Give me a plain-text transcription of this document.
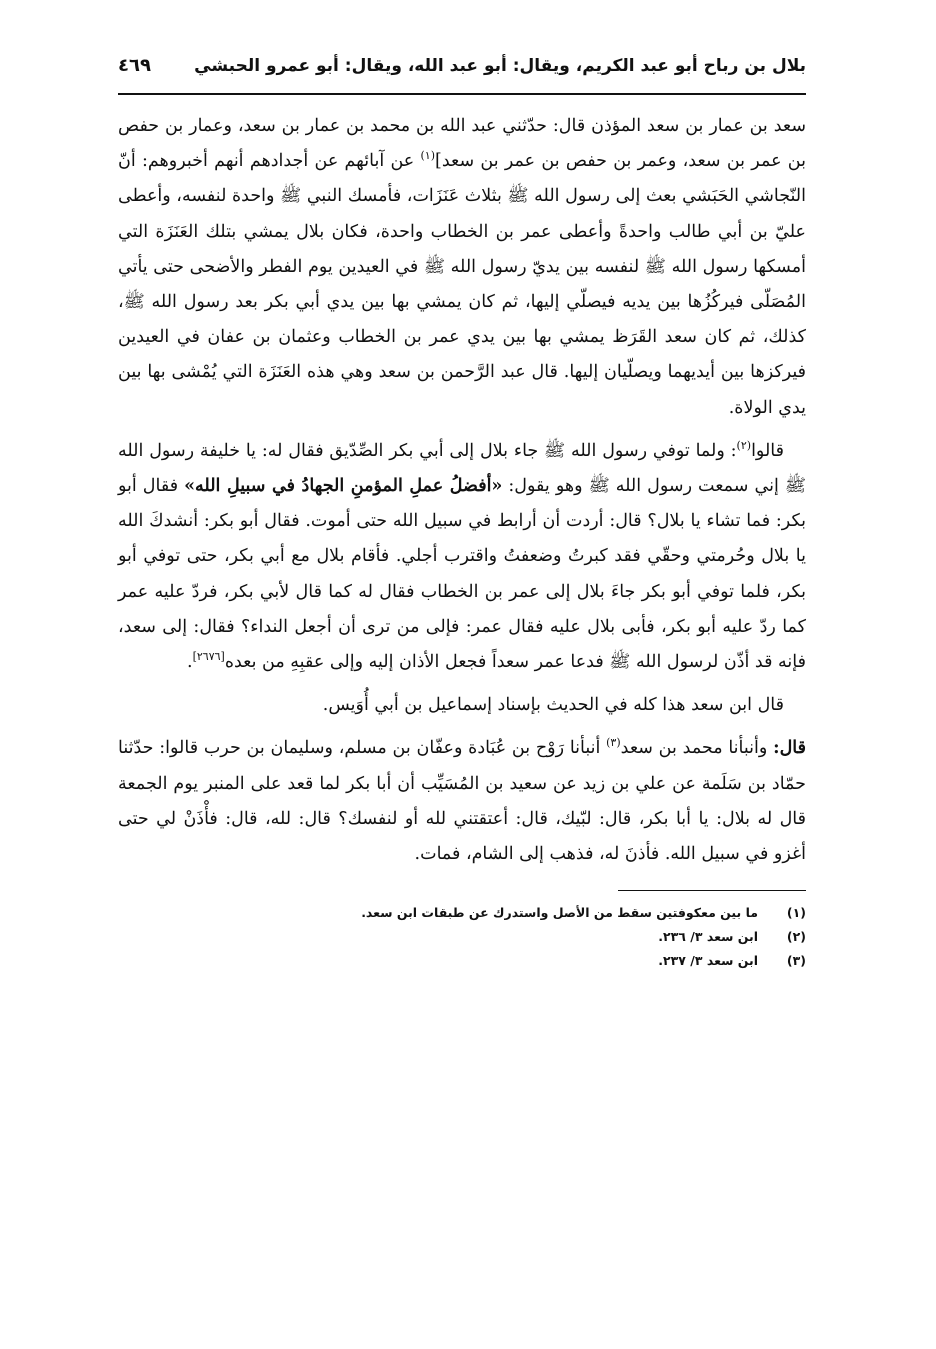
بلال بن رباح أبو عبد الكريم، ويقال: أبو عبد الله، ويقال: أبو عمرو الحبشي
٤٦٩

سعد بن عمار بن سعد المؤذن قال: حدّثني عبد الله بن محمد بن عمار بن سعد، وعمار بن حفص بن عمر بن سعد، وعمر بن حفص بن عمر بن سعد]$^{(١)}$ عن آبائهم عن أجدادهم أنهم أخبروهم: أنّ النّجاشي الحَبَشي بعث إلى رسول الله ﷺ بثلاث عَنَزَات، فأمسك النبي ﷺ واحدة لنفسه، وأعطى عليّ بن أبي طالب واحدةً وأعطى عمر بن الخطاب واحدة، فكان بلال يمشي بتلك العَنَزَة التي أمسكها رسول الله ﷺ لنفسه بين يديّ رسول الله ﷺ في العيدين يوم الفطر والأضحى حتى يأتي المُصَلّى فيركُزُها بين يديه فيصلّي إليها، ثم كان يمشي بها بين يدي أبي بكر بعد رسول الله ﷺ، كذلك، ثم كان سعد القَرَظ يمشي بها بين يدي عمر بن الخطاب وعثمان بن عفان في العيدين فيركزها بين أيديهما ويصلّيان إليها. قال عبد الرَّحمن بن سعد وهي هذه العَنَزَة التي يُمْشى بها بين يدي الولاة.

قالوا$^{(٢)}$: ولما توفي رسول الله ﷺ جاء بلال إلى أبي بكر الصِّدّيق فقال له: يا خليفة رسول الله ﷺ إني سمعت رسول الله ﷺ وهو يقول: «أفضلُ عملِ المؤمنِ الجهادُ في سبيلِ الله» فقال أبو بكر: فما تشاء يا بلال؟ قال: أردت أن أرابط في سبيل الله حتى أموت. فقال أبو بكر: أنشدكَ الله يا بلال وحُرمتي وحقّي فقد كبرتُ وضعفتُ واقترب أجلي. فأقام بلال مع أبي بكر، حتى توفي أبو بكر، فلما توفي أبو بكر جاءَ بلال إلى عمر بن الخطاب فقال له كما قال لأبي بكر، فردّ عليه عمر كما ردّ عليه أبو بكر، فأبى بلال عليه فقال عمر: فإلى من ترى أن أجعل النداء؟ فقال: إلى سعد، فإنه قد أذّن لرسول الله ﷺ فدعا عمر سعداً فجعل الأذان إليه وإلى عقبِهِ من بعده[٢٦٧٦].

قال ابن سعد هذا كله في الحديث بإسناد إسماعيل بن أبي أُوَيس.

قال: وأنبأنا محمد بن سعد$^{(٣)}$ أنبأنا رَوْح بن عُبَادة وعفّان بن مسلم، وسليمان بن حرب قالوا: حدّثنا حمّاد بن سَلَمة عن علي بن زيد عن سعيد بن المُسَيِّب أن أبا بكر لما قعد على المنبر يوم الجمعة قال له بلال: يا أبا بكر، قال: لبّيك، قال: أعتقتني لله أو لنفسك؟ قال: لله، قال: فأْذَنْ لي حتى أغزو في سبيل الله. فأذنَ له، فذهب إلى الشام، فمات.

(١)
ما بين معكوفتين سقط من الأصل واستدرك عن طبقات ابن سعد.
(٢)
ابن سعد ٣/ ٢٣٦.
(٣)
ابن سعد ٣/ ٢٣٧.
